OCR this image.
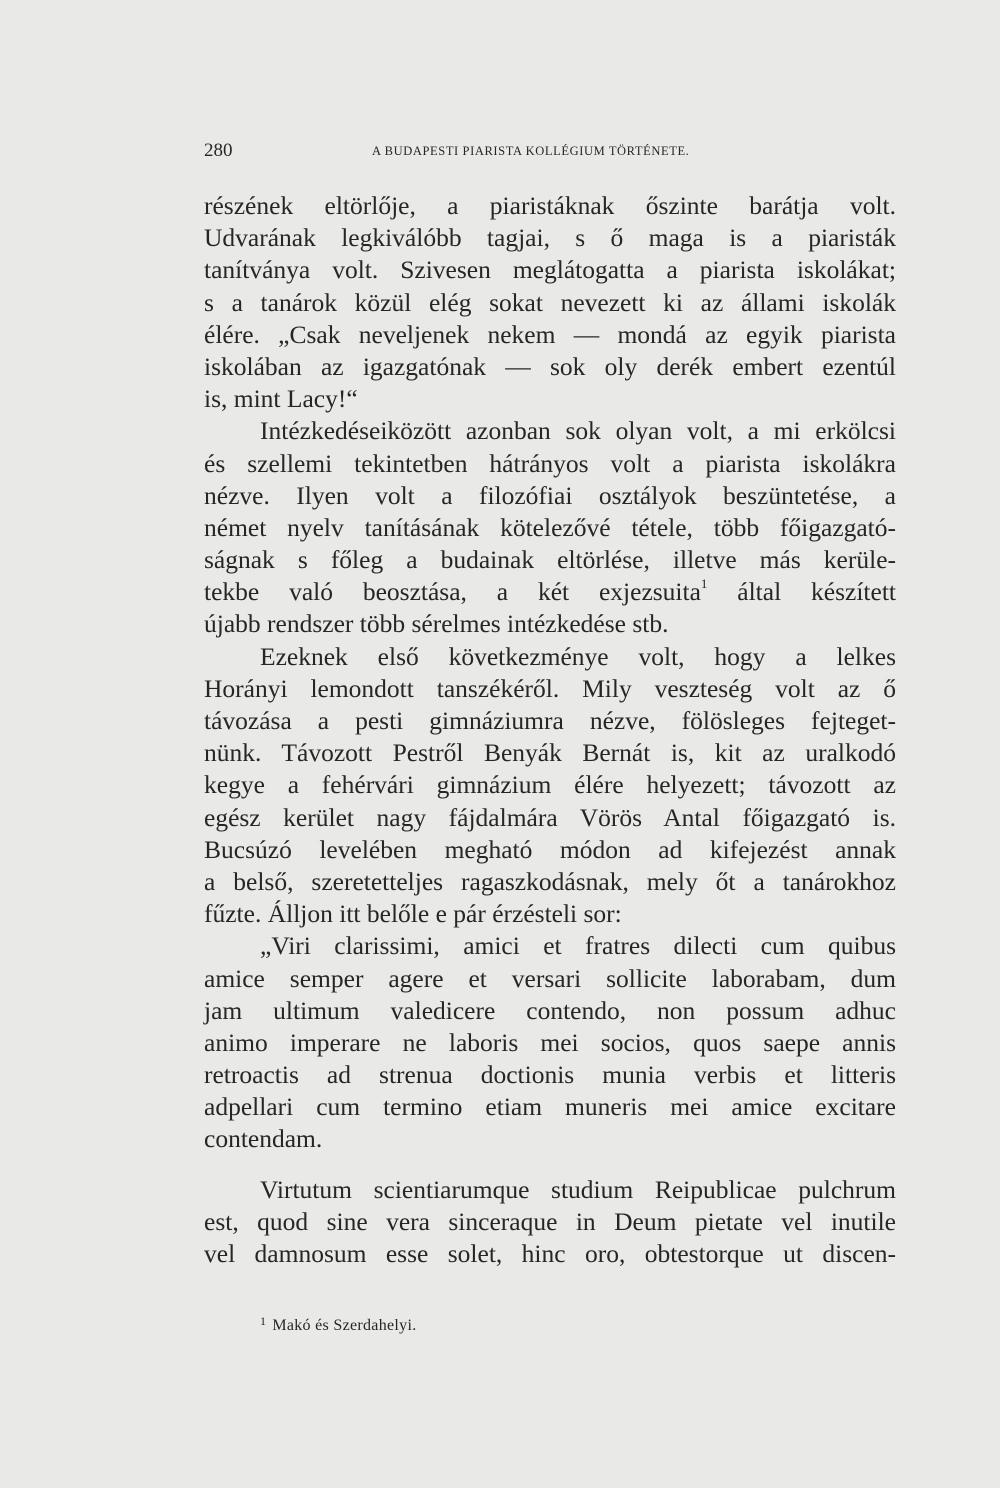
280	A BUDAPESTI PIARISTA KOLLÉGIUM TÖRTÉNETE.
részének eltörlője, a piaristáknak őszinte barátja volt.
Udvarának legkiválóbb tagjai, s ő maga is a piaristák
tanítványa volt. Szivesen meglátogatta a piarista iskolákat;
s a tanárok közül elég sokat nevezett ki az állami iskolák
élére. „Csak neveljenek nekem — mondá az egyik piarista
iskolában az igazgatónak — sok oly derék embert ezentúl
is, mint Lacy!“
Intézkedéseiközött azonban sok olyan volt, a mi erkölcsi
és szellemi tekintetben hátrányos volt a piarista iskolákra
nézve. Ilyen volt a filozófiai osztályok beszüntetése, a
német nyelv tanításának kötelezővé tétele, több főigazgató-
ságnak s főleg a budainak eltörlése, illetve más kerüle-
tekbe való beosztása, a két exjezsuita$^1$ által készített
újabb rendszer több sérelmes intézkedése stb.
Ezeknek első következménye volt, hogy a lelkes
Horányi lemondott tanszékéről. Mily veszteség volt az ő
távozása a pesti gimnáziumra nézve, fölösleges fejteget-
nünk. Távozott Pestről Benyák Bernát is, kit az uralkodó
kegye a fehérvári gimnázium élére helyezett; távozott az
egész kerület nagy fájdalmára Vörös Antal főigazgató is.
Bucsúzó levelében megható módon ad kifejezést annak
a belső, szeretetteljes ragaszkodásnak, mely őt a tanárokhoz
fűzte. Álljon itt belőle e pár érzésteli sor:
„Viri clarissimi, amici et fratres dilecti cum quibus
amice semper agere et versari sollicite laborabam, dum
jam ultimum valedicere contendo, non possum adhuc
animo imperare ne laboris mei socios, quos saepe annis
retroactis ad strenua doctionis munia verbis et litteris
adpellari cum termino etiam muneris mei amice excitare
contendam.
Virtutum scientiarumque studium Reipublicae pulchrum
est, quod sine vera sinceraque in Deum pietate vel inutile
vel damnosum esse solet, hinc oro, obtestorque ut discen-
$^1$ Makó és Szerdahelyi.
